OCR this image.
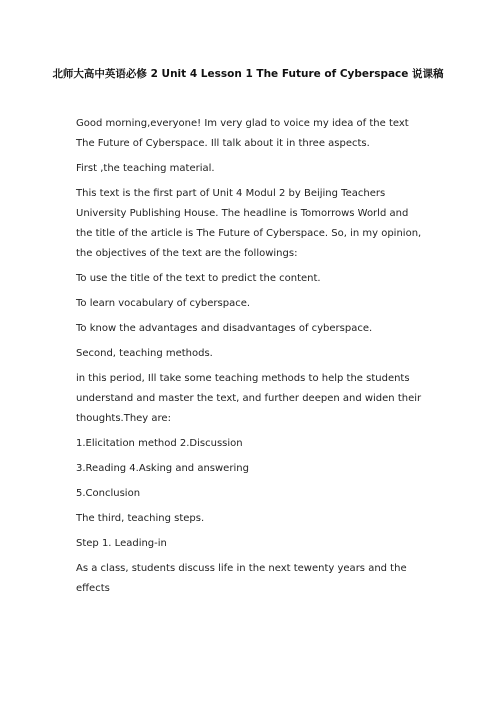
北师大高中英语必修 2 Unit 4 Lesson 1 The Future of Cyberspace 说课稿

Good morning,everyone! Im very glad to voice my idea of the text The Future of Cyberspace. Ill talk about it in three aspects.

First ,the teaching material.

This text is the first part of Unit 4 Modul 2 by Beijing Teachers University Publishing House. The headline is Tomorrows World and the title of the article is The Future of Cyberspace. So, in my opinion, the objectives of the text are the followings:

To use the title of the text to predict the content.

To learn vocabulary of cyberspace.

To know the advantages and disadvantages of cyberspace.

Second, teaching methods.

in this period, Ill take some teaching methods to help the students understand and master the text, and further deepen and widen their thoughts.They are:

1.Elicitation method 2.Discussion

3.Reading 4.Asking and answering

5.Conclusion

The third, teaching steps.

Step 1. Leading-in

As a class, students discuss life in the next tewenty years and the effects
